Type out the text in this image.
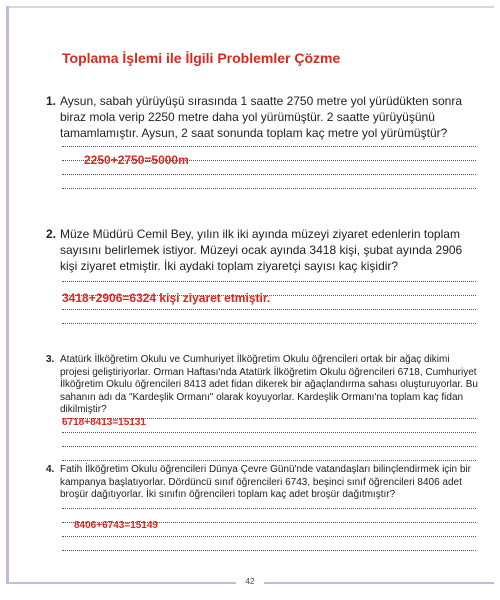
Toplama İşlemi ile İlgili Problemler Çözme
1. Aysun, sabah yürüyüşü sırasında 1 saatte 2750 metre yol yürüdükten sonra biraz mola verip 2250 metre daha yol yürümüştür. 2 saatte yürüyüşünü tamamlamıştır. Aysun, 2 saat sonunda toplam kaç metre yol yürümüştür?
2250+2750=5000m
2. Müze Müdürü Cemil Bey, yılın ilk iki ayında müzeyi ziyaret edenlerin toplam sayısını belirlemek istiyor. Müzeyi ocak ayında 3418 kişi, şubat ayında 2906 kişi ziyaret etmiştir. İki aydaki toplam ziyaretçi sayısı kaç kişidir?
3418+2906=6324 kişi ziyaret etmiştir.
3. Atatürk İlköğretim Okulu ve Cumhuriyet İlköğretim Okulu öğrencileri ortak bir ağaç dikimi projesi geliştiriyorlar. Orman Haftası'nda Atatürk İlköğretim Okulu öğrencileri 6718, Cumhuriyet İlköğretim Okulu öğrencileri 8413 adet fidan dikerek bir ağaçlandırma sahası oluşturuyorlar. Bu sahanın adı da "Kardeşlik Ormanı" olarak koyuyorlar. Kardeşlik Ormanı'na toplam kaç fidan dikilmiştir?
6718+8413=15131
4. Fatih İlköğretim Okulu öğrencileri Dünya Çevre Günü'nde vatandaşları bilinçlendirmek için bir kampanya başlatıyorlar. Dördüncü sınıf öğrencileri 6743, beşinci sınıf öğrencileri 8406 adet broşür dağıtıyorlar. İki sınıfın öğrencileri toplam kaç adet broşür dağıtmıştır?
8406+6743=15149
42
